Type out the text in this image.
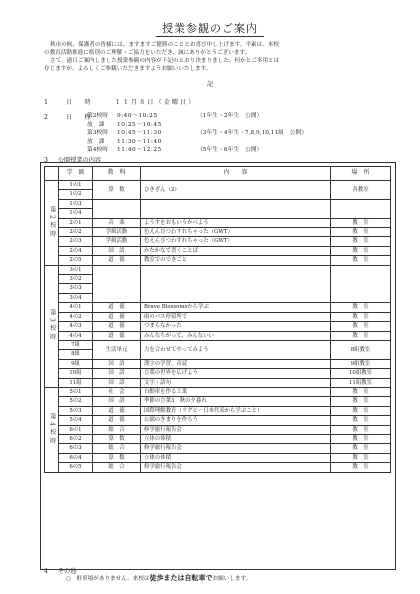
授業参観のご案内

秋市の候、保護者の皆様には、ますますご健勝のこととお喜び申し上げます。平素は、本校

の教育活動推進に格別のご理解・ご協力をいただき、誠にありがとうございます。

さて、過日ご案内しました授業参観の内容が下記のとおり決まりました。何かとご多用とは

存じますが、よろしくご参観いただきますようお願いいたします。

記
1	日　　時	１１月８日（金曜日）
2	日　　程
第2校時	9:40～10:25	（1年生・2年生　公開）
放　課	10:25～10:45
第3校時	10:45～11:30	（3年生・4年生・7,8,9,10,11組　公開）
放　課	11:30～11:40
第4校時	11:40～12:25	（5年生・6年生　公開）
3 公開授業の内容
	学　級	教　科	内　　容	場　所
第2校時	1の1	算　数	ひきざん（2）	各教室
	1の2			
	1の3			
	1の4			
	2の1	音　楽	ようすをおもいうかべよう	教　室
	2の2	学級活動	色えんぴつわすれちゃった（GWT）	教　室
	2の3	学級活動	色えんぴつわすれちゃった（GWT）	教　室
	2の4	国　語	かたかなで書くことば	教　室
	2の5	道　徳	教室でのできごと	教　室
第3校時	3の1			
	3の2			
	3の3			
	3の4			
	4の1	道　徳	Brave Blossomsから学ぶ	教　室
	4の2	道　徳	雨のバス停留所で	教　室
	4の3	道　徳	つまらなかった	教　室
	4の4	道　徳	みんなちがって、みんないい	教　室
	7組	生活単元	力を合わせてやってみよう	8組教室
	8組			
	9組	国　語	漢字の学習、音読	9組教室
	10組	国　語	言葉の世界を広げよう	10組教室
	11組	国　語	文字・語句	11組教室
第4校時	5の1	社　会	自動車を作る工業	教　室
	5の2	国　語	季節の言葉3　秋の夕暮れ	教　室
	5の3	道　徳	国際理解教育（ラグビー日本代表から学ぶこと）	教　室
	5の4	道　徳	公園のきまりを作ろう	教　室
	6の1	総　合	修学旅行報告会	教　室
	6の2	算　数	立体の体積	教　室
	6の3	総　合	修学旅行報告会	教　室
	6の4	算　数	立体の体積	教　室
	6の5	総　合	修学旅行報告会	教　室
4 その他

○　駐車場がありません。来校は徒歩または自転車でお願いします。
